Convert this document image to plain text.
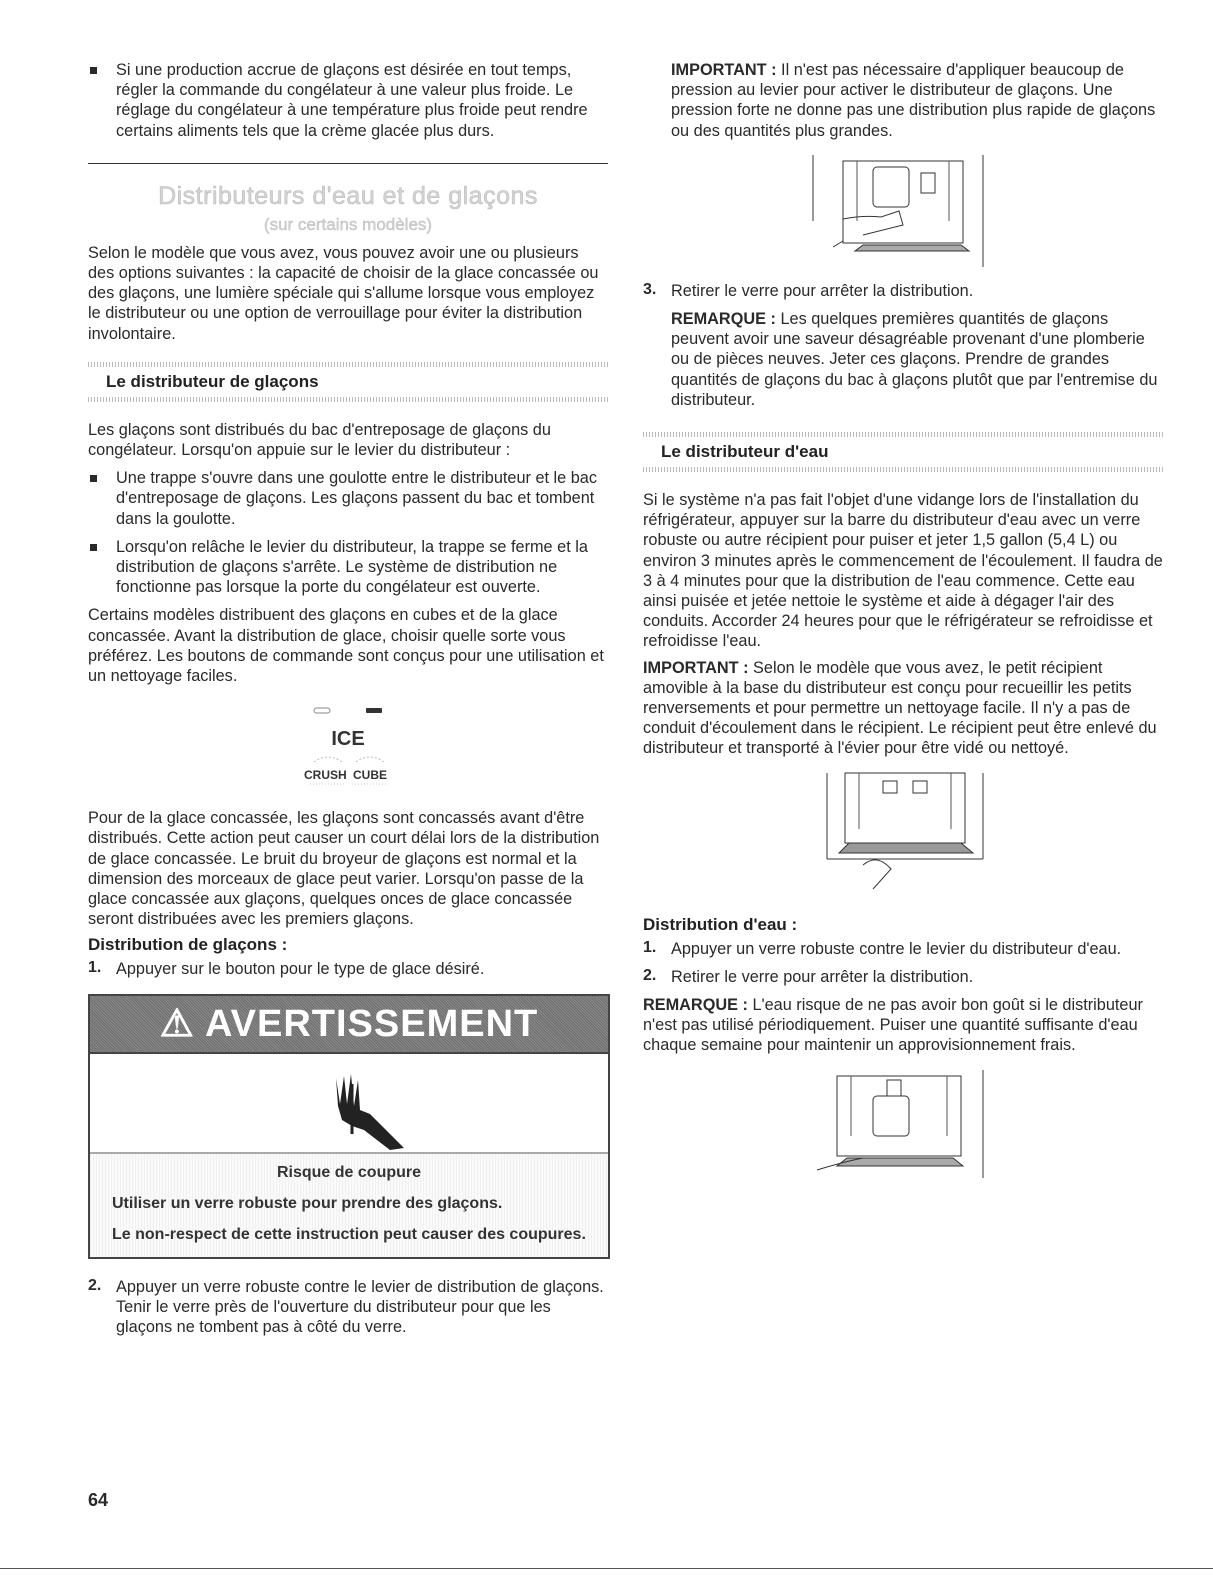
Si une production accrue de glaçons est désirée en tout temps, régler la commande du congélateur à une valeur plus froide. Le réglage du congélateur à une température plus froide peut rendre certains aliments tels que la crème glacée plus durs.

Distributeurs d'eau et de glaçons
(sur certains modèles)

Selon le modèle que vous avez, vous pouvez avoir une ou plusieurs des options suivantes : la capacité de choisir de la glace concassée ou des glaçons, une lumière spéciale qui s'allume lorsque vous employez le distributeur ou une option de verrouillage pour éviter la distribution involontaire.

Le distributeur de glaçons

Les glaçons sont distribués du bac d'entreposage de glaçons du congélateur. Lorsqu'on appuie sur le levier du distributeur :

Une trappe s'ouvre dans une goulotte entre le distributeur et le bac d'entreposage de glaçons. Les glaçons passent du bac et tombent dans la goulotte.

Lorsqu'on relâche le levier du distributeur, la trappe se ferme et la distribution de glaçons s'arrête. Le système de distribution ne fonctionne pas lorsque la porte du congélateur est ouverte.

Certains modèles distribuent des glaçons en cubes et de la glace concassée. Avant la distribution de glace, choisir quelle sorte vous préférez. Les boutons de commande sont conçus pour une utilisation et un nettoyage faciles.

ICE
CRUSH CUBE

Pour de la glace concassée, les glaçons sont concassés avant d'être distribués. Cette action peut causer un court délai lors de la distribution de glace concassée. Le bruit du broyeur de glaçons est normal et la dimension des morceaux de glace peut varier. Lorsqu'on passe de la glace concassée aux glaçons, quelques onces de glace concassée seront distribuées avec les premiers glaçons.

Distribution de glaçons :
1. Appuyer sur le bouton pour le type de glace désiré.

⚠ AVERTISSEMENT

Risque de coupure

Utiliser un verre robuste pour prendre des glaçons.

Le non-respect de cette instruction peut causer des coupures.

2. Appuyer un verre robuste contre le levier de distribution de glaçons. Tenir le verre près de l'ouverture du distributeur pour que les glaçons ne tombent pas à côté du verre.

IMPORTANT : Il n'est pas nécessaire d'appliquer beaucoup de pression au levier pour activer le distributeur de glaçons. Une pression forte ne donne pas une distribution plus rapide de glaçons ou des quantités plus grandes.

3. Retirer le verre pour arrêter la distribution.

REMARQUE : Les quelques premières quantités de glaçons peuvent avoir une saveur désagréable provenant d'une plomberie ou de pièces neuves. Jeter ces glaçons. Prendre de grandes quantités de glaçons du bac à glaçons plutôt que par l'entremise du distributeur.

Le distributeur d'eau

Si le système n'a pas fait l'objet d'une vidange lors de l'installation du réfrigérateur, appuyer sur la barre du distributeur d'eau avec un verre robuste ou autre récipient pour puiser et jeter 1,5 gallon (5,4 L) ou environ 3 minutes après le commencement de l'écoulement. Il faudra de 3 à 4 minutes pour que la distribution de l'eau commence. Cette eau ainsi puisée et jetée nettoie le système et aide à dégager l'air des conduits. Accorder 24 heures pour que le réfrigérateur se refroidisse et refroidisse l'eau.

IMPORTANT : Selon le modèle que vous avez, le petit récipient amovible à la base du distributeur est conçu pour recueillir les petits renversements et pour permettre un nettoyage facile. Il n'y a pas de conduit d'écoulement dans le récipient. Le récipient peut être enlevé du distributeur et transporté à l'évier pour être vidé ou nettoyé.

Distribution d'eau :
1. Appuyer un verre robuste contre le levier du distributeur d'eau.

2. Retirer le verre pour arrêter la distribution.

REMARQUE : L'eau risque de ne pas avoir bon goût si le distributeur n'est pas utilisé périodiquement. Puiser une quantité suffisante d'eau chaque semaine pour maintenir un approvisionnement frais.

64
